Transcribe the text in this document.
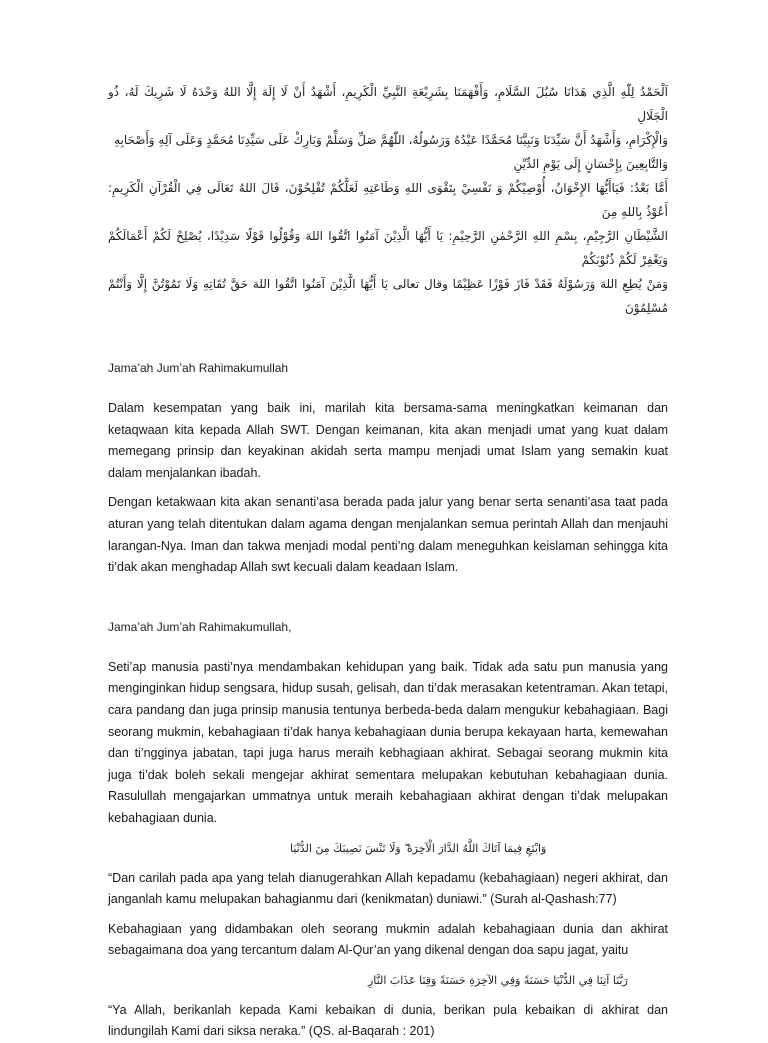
اَلْحَمْدُ لِلّٰهِ الَّذِي هَدَانَا سُبُلَ السَّلَامِ، وَأَفْهَمَنَا بِشَرِيْعَةِ النَّبِيِّ الْكَرِيمِ، أَشْهَدُ أَنْ لَا إِلَهَ إِلَّا اللهُ وَحْدَهُ لَا شَرِيكَ لَهُ، ذُو الْجَلَالِ

وَالْإِكْرَامِ، وَأَشْهَدُ أَنَّ سَيِّدَنَا وَنَبِيَّنَا مُحَمَّدًا عَبْدُهُ وَرَسُولُهُ، اللّٰهُمَّ صَلِّ وَسَلِّمْ وَبَارِكْ عَلَى سَيِّدِنَا مُحَمَّدٍ وَعَلَى آلِهِ وَأَصْحَابِهِ

وَالتَّابِعِينَ بِإِحْسَانٍ إِلَى يَوْمِ الدِّيْنِ

أَمَّا بَعْدُ: فَيَاأَيُّهَا الإِخْوَانُ، أُوْصِيْكُمْ وَ نَفْسِيْ بِتَقْوَى اللهِ وَطَاعَتِهِ لَعَلَّكُمْ تُفْلِحُوْنَ، قَالَ اللهُ تَعَالَى فِي الْقُرْآنِ الْكَرِيمِ: أَعُوْذُ بِاللهِ مِنَ

الشَّيْطَانِ الرَّجِيْمِ، بِسْمِ اللهِ الرَّحْمٰنِ الرَّحِيْمِ: يَا أَيُّهَا الَّذِيْنَ آمَنُوا اتَّقُوا اللهَ وَقُوْلُوا قَوْلًا سَدِيْدًا، يُصْلِحْ لَكُمْ أَعْمَالَكُمْ وَيَغْفِرْ لَكُمْ ذُنُوْبَكُمْ

وَمَنْ يُطِعِ اللهَ وَرَسُوْلَهُ فَقَدْ فَازَ فَوْزًا عَظِيْمًا وقال تعالى يَا أَيُّهَا الَّذِيْنَ آمَنُوا اتَّقُوا اللهَ حَقَّ تُقَاتِهِ وَلَا تَمُوْتُنَّ إِلَّا وَأَنْتُمْ مُسْلِمُوْنَ

Jama’ah Jum’ah Rahimakumullah

Dalam kesempatan yang baik ini, marilah kita bersama-sama meningkatkan keimanan dan ketaqwaan kita kepada Allah SWT. Dengan keimanan, kita akan menjadi umat yang kuat dalam memegang prinsip dan keyakinan akidah serta mampu menjadi umat Islam yang semakin kuat dalam menjalankan ibadah.

Dengan ketakwaan kita akan senanti’asa berada pada jalur yang benar serta senanti’asa taat pada aturan yang telah ditentukan dalam agama dengan menjalankan semua perintah Allah dan menjauhi larangan-Nya. Iman dan takwa menjadi modal penti’ng dalam meneguhkan keislaman sehingga kita ti’dak akan menghadap Allah swt kecuali dalam keadaan Islam.

Jama’ah Jum’ah Rahimakumullah,

Seti’ap manusia pasti’nya mendambakan kehidupan yang baik. Tidak ada satu pun manusia yang menginginkan hidup sengsara, hidup susah, gelisah, dan ti’dak merasakan ketentraman. Akan tetapi, cara pandang dan juga prinsip manusia tentunya berbeda-beda dalam mengukur kebahagiaan. Bagi seorang mukmin, kebahagiaan ti’dak hanya kebahagiaan dunia berupa kekayaan harta, kemewahan dan ti’ngginya jabatan, tapi juga harus meraih kebhagiaan akhirat. Sebagai seorang mukmin kita juga ti’dak boleh sekali mengejar akhirat sementara melupakan kebutuhan kebahagiaan dunia. Rasulullah mengajarkan ummatnya untuk meraih kebahagiaan akhirat dengan ti’dak melupakan kebahagiaan dunia.

وَابْتَغِ فِيمَا آتَاكَ اللَّهُ الدَّارَ الْآخِرَةَ ۖ وَلَا تَنْسَ نَصِيبَكَ مِنَ الدُّنْيَا

“Dan carilah pada apa yang telah dianugerahkan Allah kepadamu (kebahagiaan) negeri akhirat, dan janganlah kamu melupakan bahagianmu dari (kenikmatan) duniawi.” (Surah al-Qashash:77)

Kebahagiaan yang didambakan oleh seorang mukmin adalah kebahagiaan dunia dan akhirat sebagaimana doa yang tercantum dalam Al-Qur’an yang dikenal dengan doa sapu jagat, yaitu

رَبَّنَا آتِنَا فِي الدُّنْيَا حَسَنَةً وَفِي الآخِرَةِ حَسَنَةً وَقِنَا عَذَابَ النَّارِ

“Ya Allah, berikanlah kepada Kami kebaikan di dunia, berikan pula kebaikan di akhirat dan lindungilah Kami dari siksa neraka.” (QS. al-Baqarah : 201)
